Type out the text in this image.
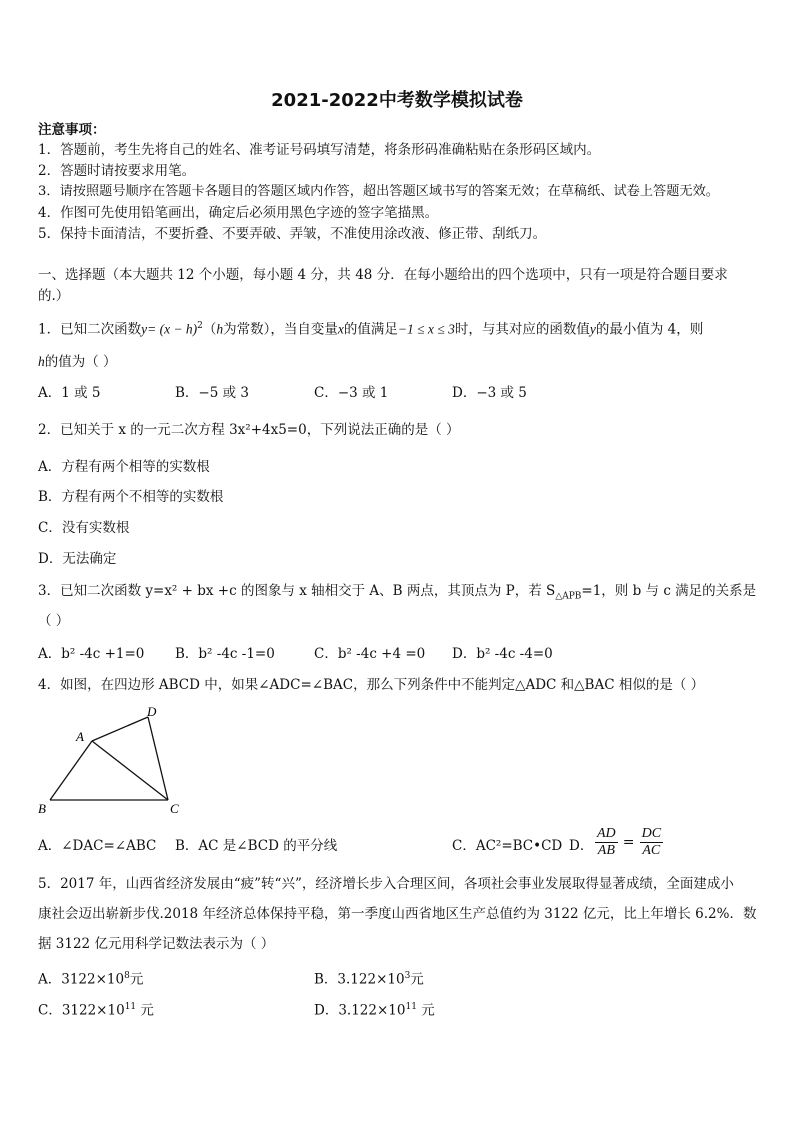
2021-2022中考数学模拟试卷
注意事项：
1．答题前，考生先将自己的姓名、准考证号码填写清楚，将条形码准确粘贴在条形码区域内。
2．答题时请按要求用笔。
3．请按照题号顺序在答题卡各题目的答题区域内作答，超出答题区域书写的答案无效；在草稿纸、试卷上答题无效。
4．作图可先使用铅笔画出，确定后必须用黑色字迹的签字笔描黑。
5．保持卡面清洁，不要折叠、不要弄破、弄皱，不准使用涂改液、修正带、刮纸刀。
一、选择题（本大题共 12 个小题，每小题 4 分，共 48 分．在每小题给出的四个选项中，只有一项是符合题目要求
的.）
1．已知二次函数$y= (x - h)^2(h$为常数），当自变量x的值满足−1 ≤ x ≤ 3时，与其对应的函数值y的最小值为 4，则
h的值为（ ）
A．1 或 5	B．−5 或 3	C．−3 或 1	D．−3 或 5
2．已知关于 x 的一元二次方程 3x²+4x5=0，下列说法正确的是（ ）
A．方程有两个相等的实数根
B．方程有两个不相等的实数根
C．没有实数根
D．无法确定
3．已知二次函数 y=x² + bx +c 的图象与 x 轴相交于 A、B 两点，其顶点为 P，若 $S_{\triangle APB}=1$，则 b 与 c 满足的关系是
（ ）
A．b² -4c +1=0 B．b² -4c -1=0	C．b² -4c +4 =0 D．b² -4c -4=0
4．如图，在四边形 ABCD 中，如果∠ADC=∠BAC，那么下列条件中不能判定△ADC 和△BAC 相似的是（ ）
A
B	C
D
A．∠DAC=∠ABC B．AC 是∠BCD 的平分线	C．AC²=BC•CD D． $\frac{AD}{AB} = \frac{DC}{AC}$
5．2017 年，山西省经济发展由“疲”转“兴”，经济增长步入合理区间，各项社会事业发展取得显著成绩，全面建成小
康社会迈出崭新步伐.2018 年经济总体保持平稳，第一季度山西省地区生产总值约为 3122 亿元，比上年增长 6.2%．数
据 3122 亿元用科学记数法表示为（ ）
A．$3122\times 10^8$元	B．$3.122\times 10^3$元
C．$3122\times 10^{11}$ 元	D．$3.122\times 10^{11}$ 元
